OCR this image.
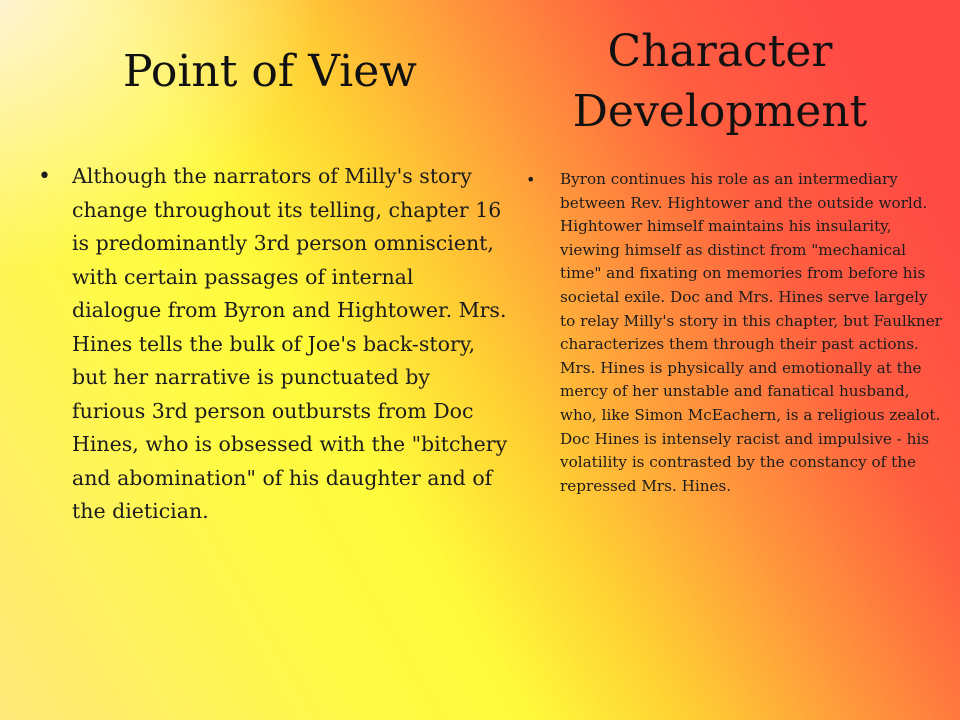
Point of View	Character Development
• Although the narrators of Milly's story change throughout its telling, chapter 16 is predominantly 3rd person omniscient, with certain passages of internal dialogue from Byron and Hightower. Mrs. Hines tells the bulk of Joe's back-story, but her narrative is punctuated by furious 3rd person outbursts from Doc Hines, who is obsessed with the "bitchery and abomination" of his daughter and of the dietician.
• Byron continues his role as an intermediary between Rev. Hightower and the outside world. Hightower himself maintains his insularity, viewing himself as distinct from "mechanical time" and fixating on memories from before his societal exile. Doc and Mrs. Hines serve largely to relay Milly's story in this chapter, but Faulkner characterizes them through their past actions. Mrs. Hines is physically and emotionally at the mercy of her unstable and fanatical husband, who, like Simon McEachern, is a religious zealot. Doc Hines is intensely racist and impulsive - his volatility is contrasted by the constancy of the repressed Mrs. Hines.
